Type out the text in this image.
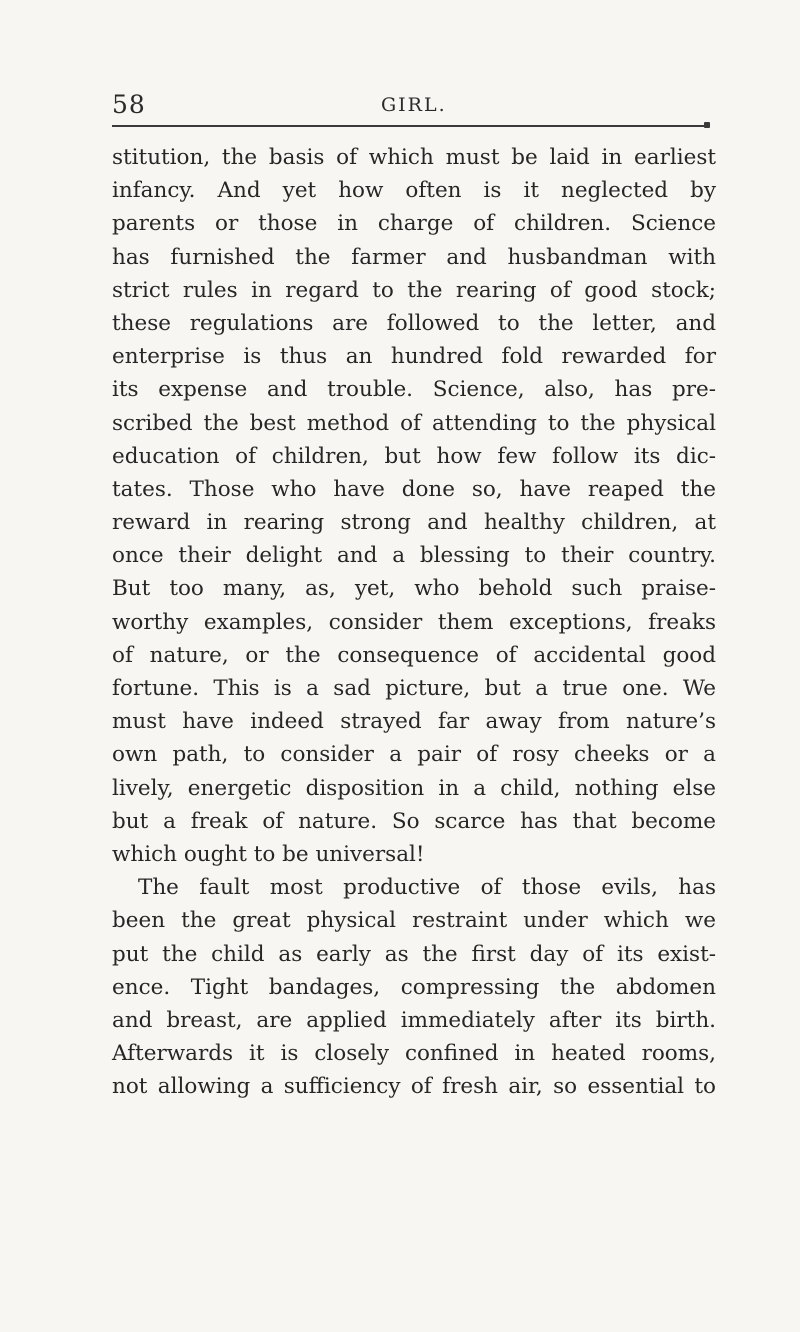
58	GIRL.
stitution, the basis of which must be laid in earliest
infancy. And yet how often is it neglected by
parents or those in charge of children. Science
has furnished the farmer and husbandman with
strict rules in regard to the rearing of good stock;
these regulations are followed to the letter, and
enterprise is thus an hundred fold rewarded for
its expense and trouble. Science, also, has pre-
scribed the best method of attending to the physical
education of children, but how few follow its dic-
tates. Those who have done so, have reaped the
reward in rearing strong and healthy children, at
once their delight and a blessing to their country.
But too many, as, yet, who behold such praise-
worthy examples, consider them exceptions, freaks
of nature, or the consequence of accidental good
fortune. This is a sad picture, but a true one. We
must have indeed strayed far away from nature’s
own path, to consider a pair of rosy cheeks or a
lively, energetic disposition in a child, nothing else
but a freak of nature. So scarce has that become
which ought to be universal!
The fault most productive of those evils, has
been the great physical restraint under which we
put the child as early as the first day of its exist-
ence. Tight bandages, compressing the abdomen
and breast, are applied immediately after its birth.
Afterwards it is closely confined in heated rooms,
not allowing a sufficiency of fresh air, so essential to
